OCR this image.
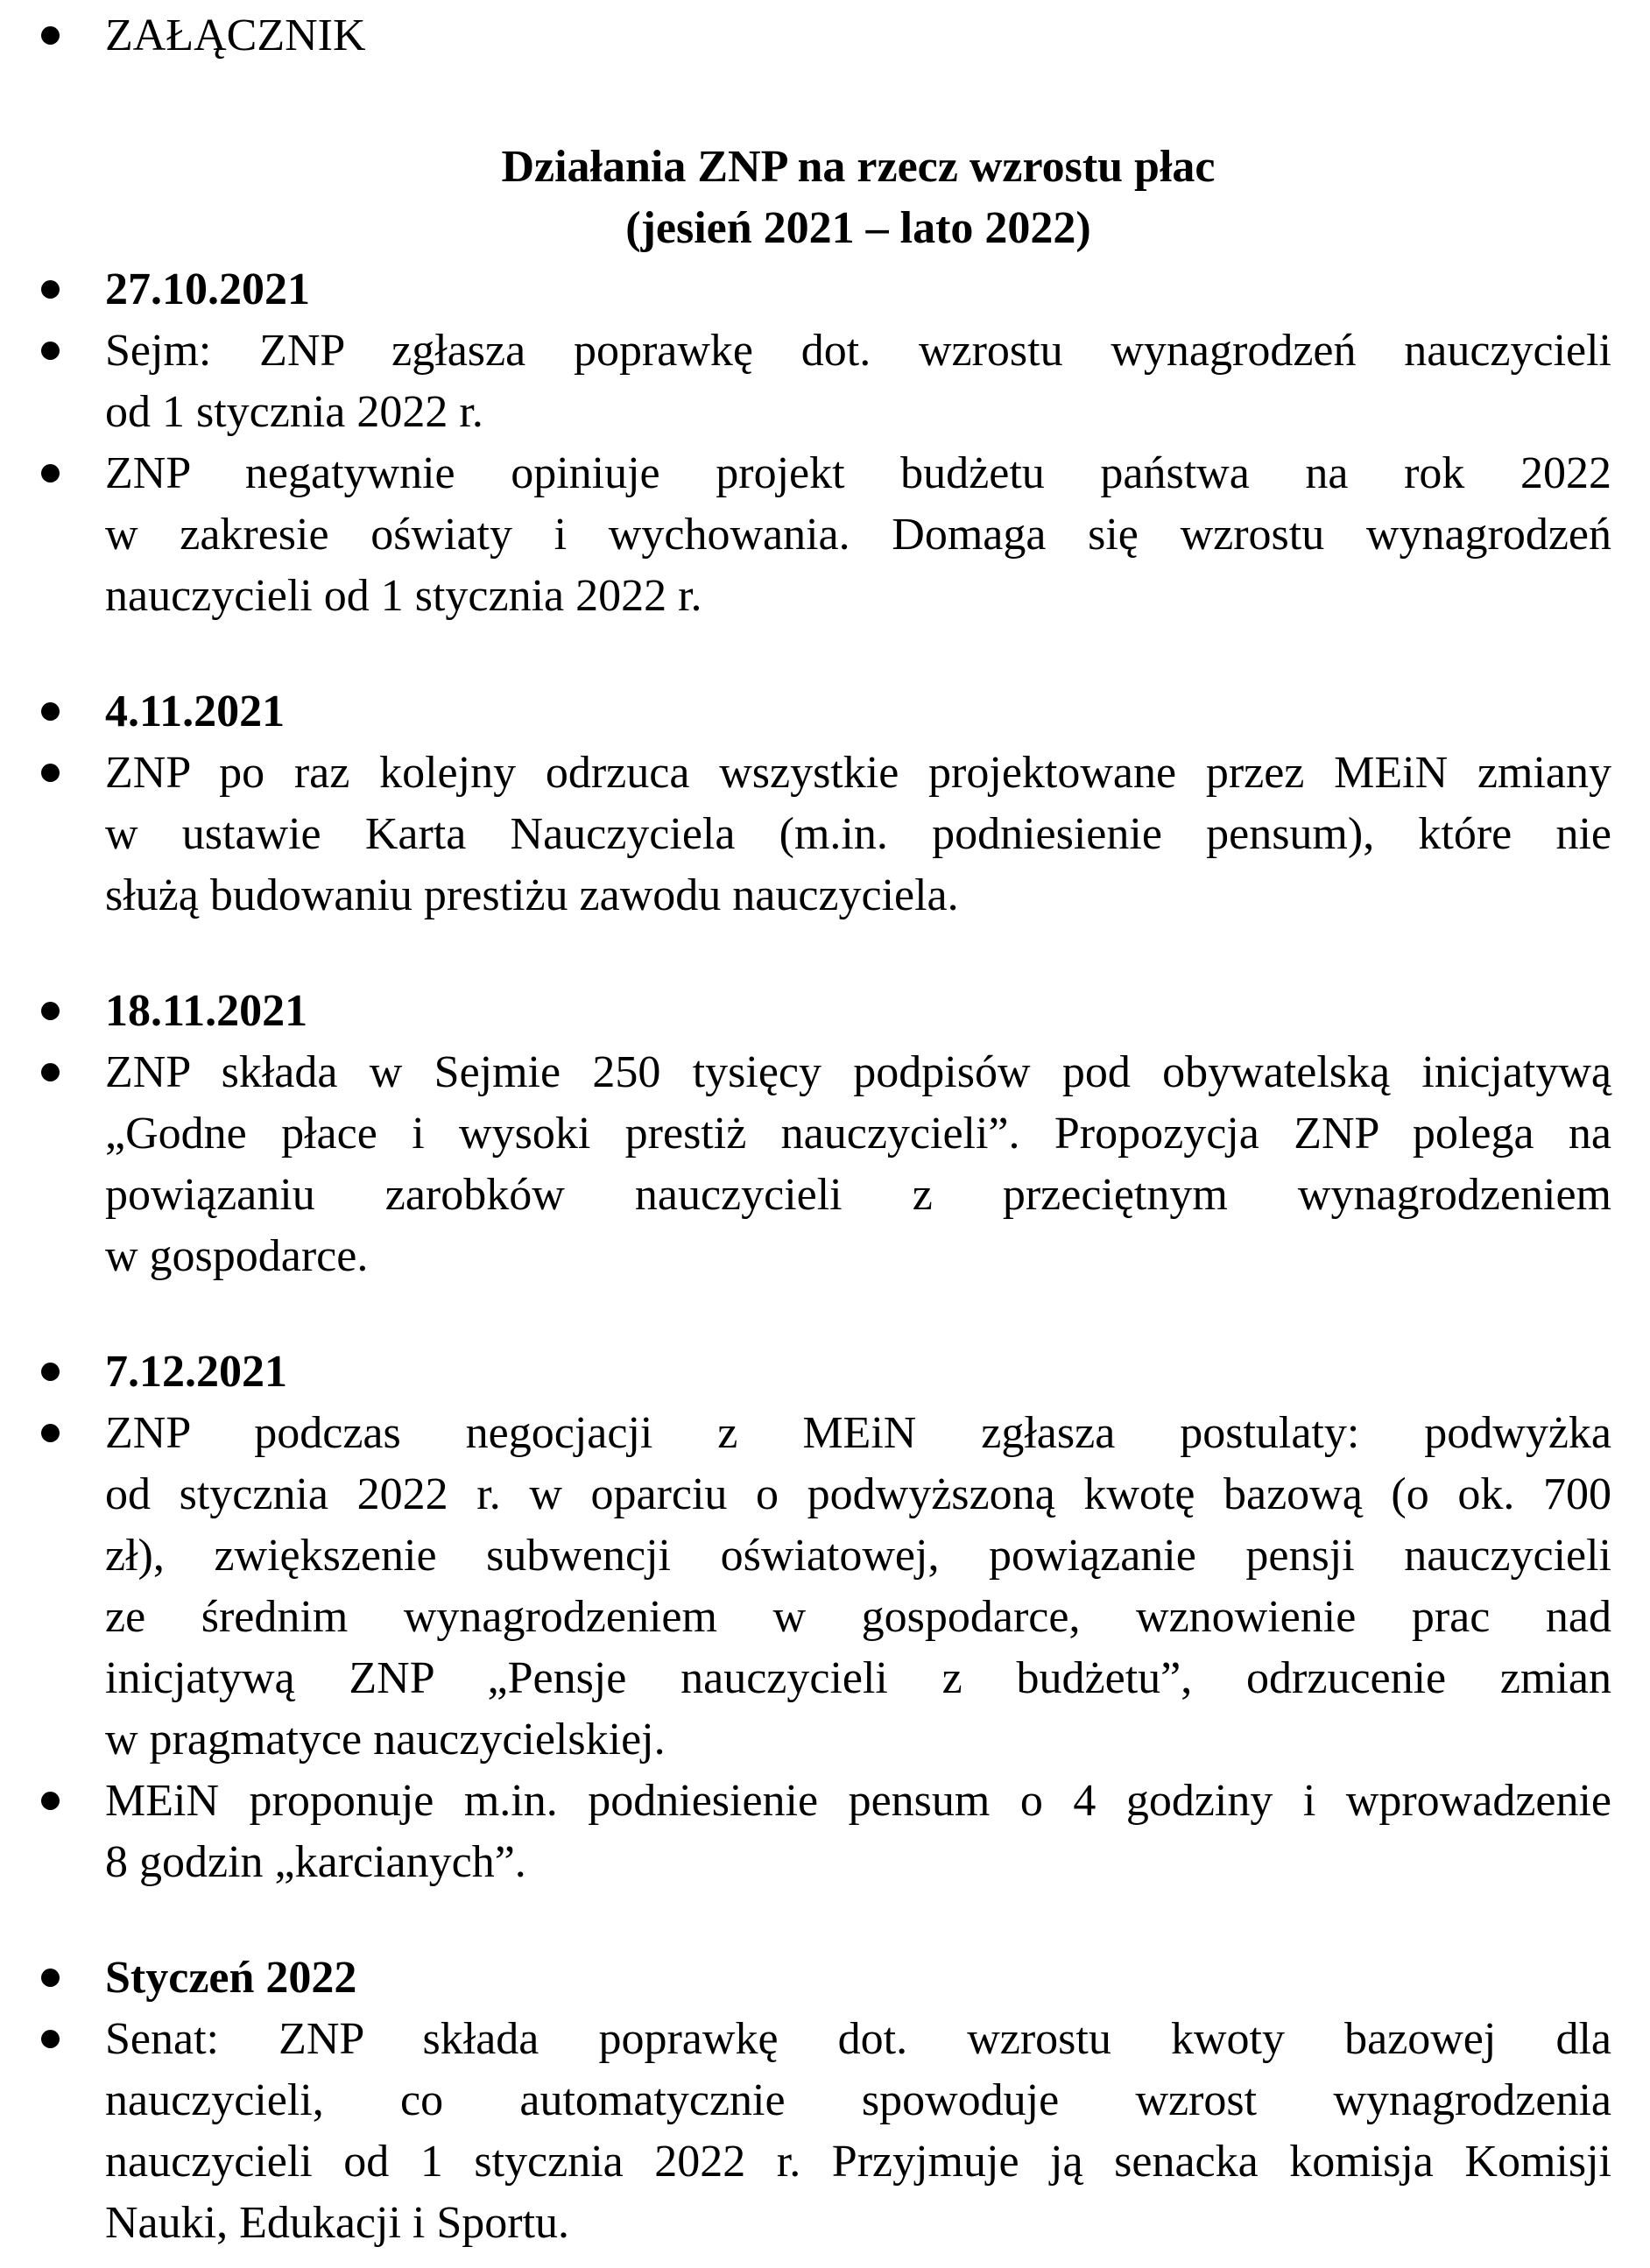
ZAŁĄCZNIK
Działania ZNP na rzecz wzrostu płac
(jesień 2021 – lato 2022)
27.10.2021
Sejm: ZNP zgłasza poprawkę dot. wzrostu wynagrodzeń nauczycieli
od 1 stycznia 2022 r.
ZNP negatywnie opiniuje projekt budżetu państwa na rok 2022
w zakresie oświaty i wychowania. Domaga się wzrostu wynagrodzeń
nauczycieli od 1 stycznia 2022 r.
4.11.2021
ZNP po raz kolejny odrzuca wszystkie projektowane przez MEiN zmiany
w ustawie Karta Nauczyciela (m.in. podniesienie pensum), które nie
służą budowaniu prestiżu zawodu nauczyciela.
18.11.2021
ZNP składa w Sejmie 250 tysięcy podpisów pod obywatelską inicjatywą
„Godne płace i wysoki prestiż nauczycieli”. Propozycja ZNP polega na
powiązaniu zarobków nauczycieli z przeciętnym wynagrodzeniem
w gospodarce.
7.12.2021
ZNP podczas negocjacji z MEiN zgłasza postulaty: podwyżka
od stycznia 2022 r. w oparciu o podwyższoną kwotę bazową (o ok. 700
zł), zwiększenie subwencji oświatowej, powiązanie pensji nauczycieli
ze średnim wynagrodzeniem w gospodarce, wznowienie prac nad
inicjatywą ZNP „Pensje nauczycieli z budżetu”, odrzucenie zmian
w pragmatyce nauczycielskiej.
MEiN proponuje m.in. podniesienie pensum o 4 godziny i wprowadzenie
8 godzin „karcianych”.
Styczeń 2022
Senat: ZNP składa poprawkę dot. wzrostu kwoty bazowej dla
nauczycieli, co automatycznie spowoduje wzrost wynagrodzenia
nauczycieli od 1 stycznia 2022 r. Przyjmuje ją senacka komisja Komisji
Nauki, Edukacji i Sportu.
